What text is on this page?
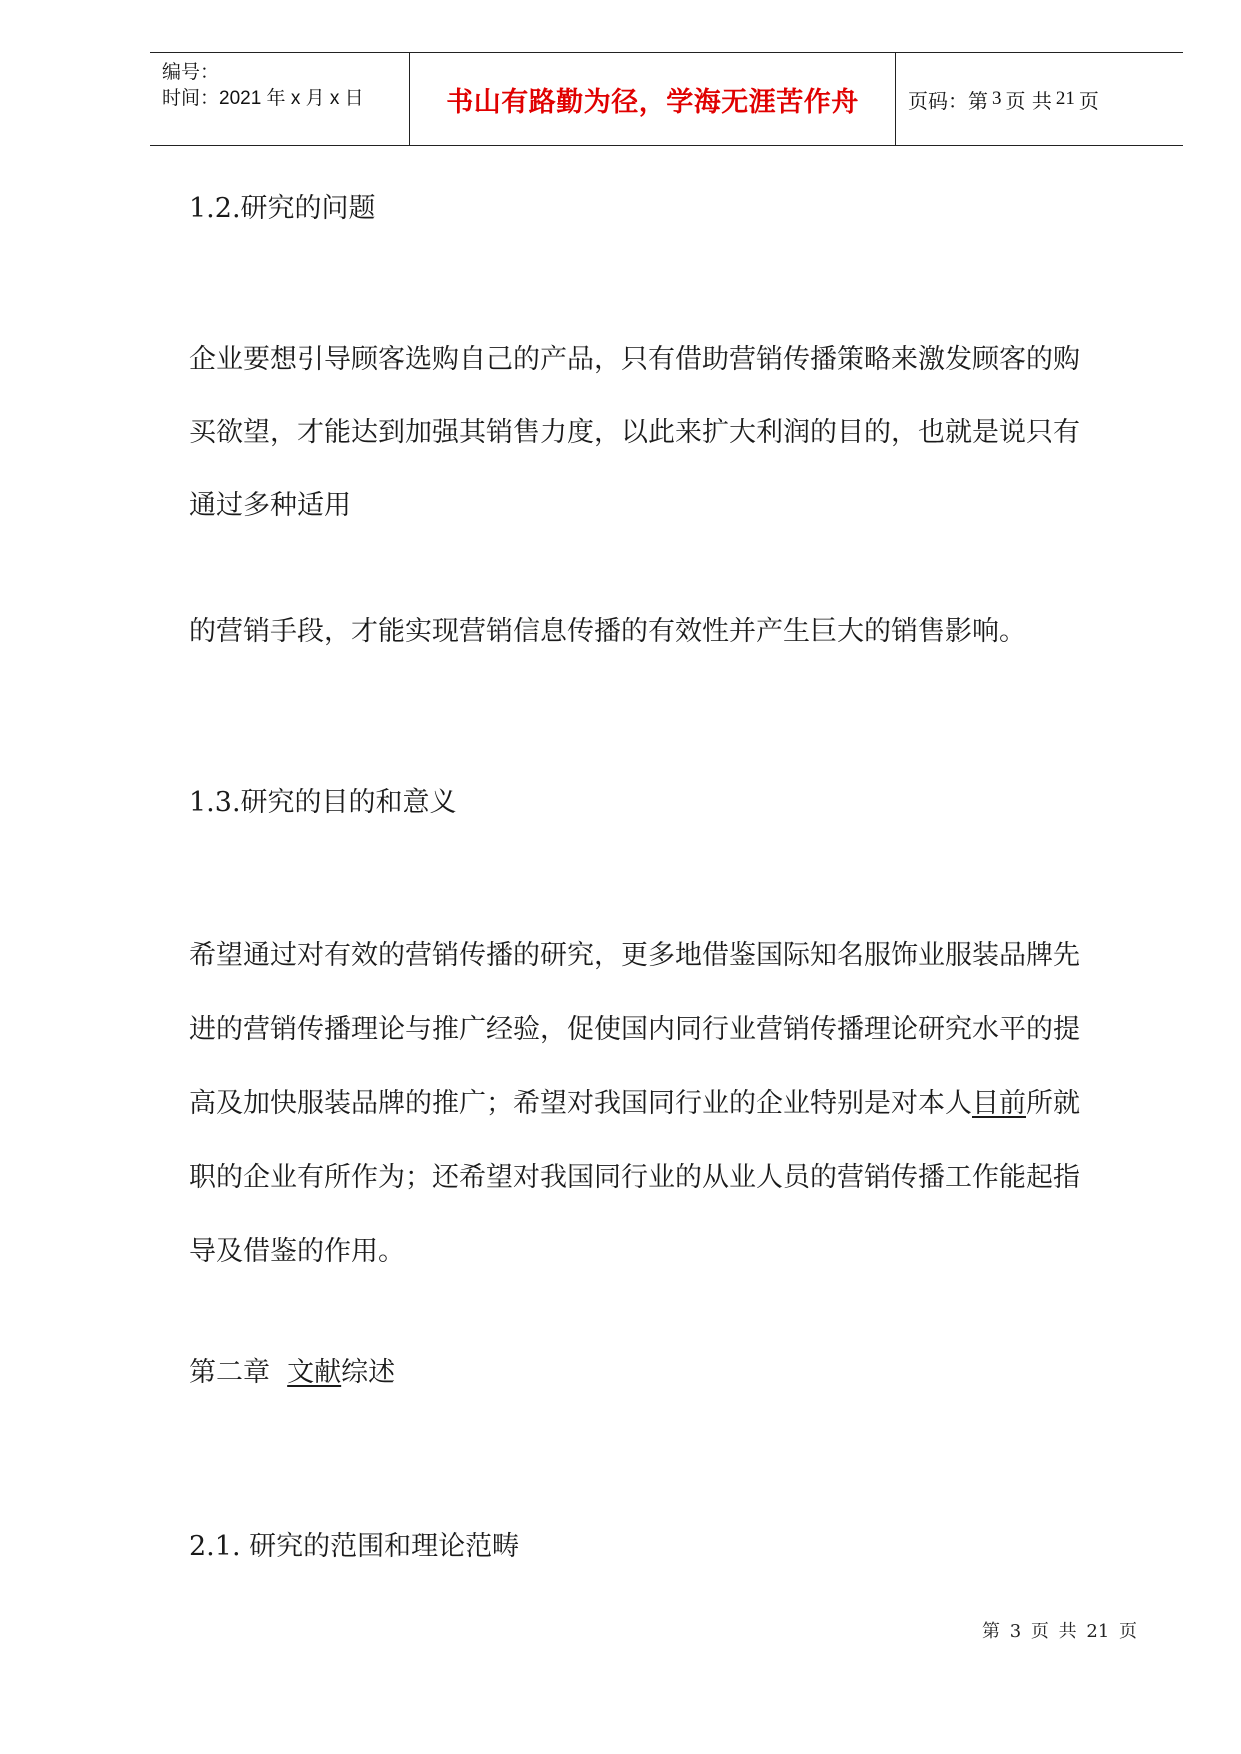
编号：
时间：2021 年 x 月 x 日	书山有路勤为径，学海无涯苦作舟 页码：第 3 页 共 21 页
1.2.研究的问题
企业要想引导顾客选购自己的产品，只有借助营销传播策略来激发顾客的购
买欲望，才能达到加强其销售力度，以此来扩大利润的目的，也就是说只有
通过多种适用
的营销手段，才能实现营销信息传播的有效性并产生巨大的销售影响。
1.3.研究的目的和意义
希望通过对有效的营销传播的研究，更多地借鉴国际知名服饰业服装品牌先
进的营销传播理论与推广经验，促使国内同行业营销传播理论研究水平的提
高及加快服装品牌的推广；希望对我国同行业的企业特别是对本人目前所就
职的企业有所作为；还希望对我国同行业的从业人员的营销传播工作能起指
导及借鉴的作用。
第二章  文献综述
2.1. 研究的范围和理论范畴
第 3 页 共 21 页
